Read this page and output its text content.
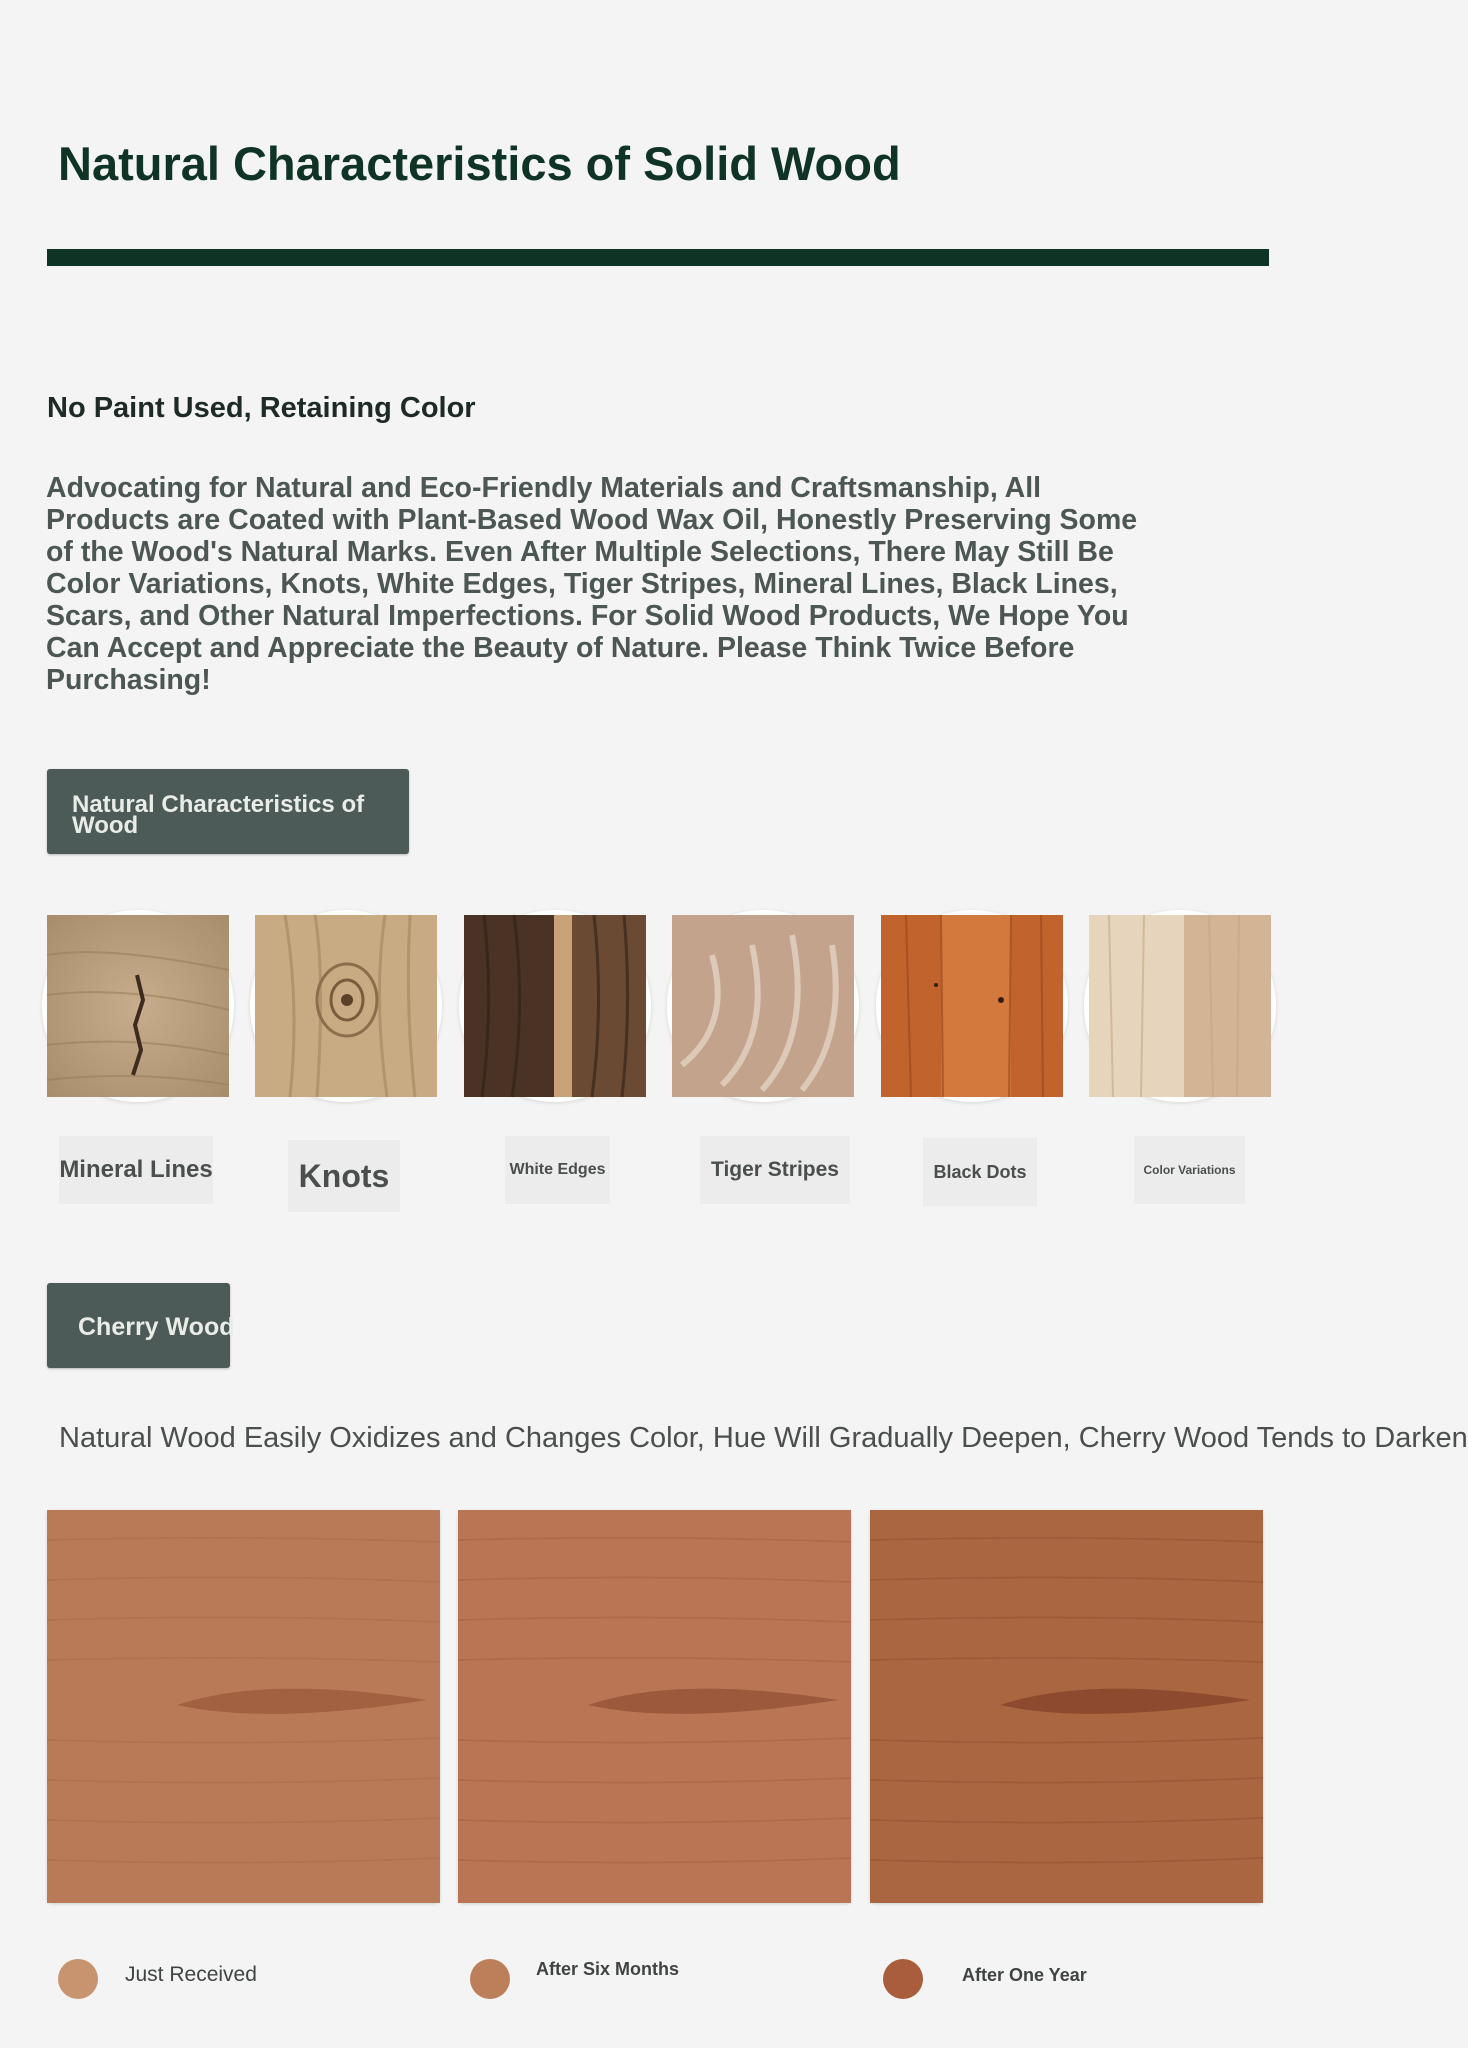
Natural Characteristics of Solid Wood
No Paint Used, Retaining Color
Advocating for Natural and Eco-Friendly Materials and Craftsmanship, All Products are Coated with Plant-Based Wood Wax Oil, Honestly Preserving Some of the Wood's Natural Marks. Even After Multiple Selections, There May Still Be Color Variations, Knots, White Edges, Tiger Stripes, Mineral Lines, Black Lines, Scars, and Other Natural Imperfections. For Solid Wood Products, We Hope You Can Accept and Appreciate the Beauty of Nature. Please Think Twice Before Purchasing!
Natural Characteristics of Wood
Mineral Lines	Knots	White Edges	Tiger Stripes	Black Dots	Color Variations
Cherry Wood
Natural Wood Easily Oxidizes and Changes Color, Hue Will Gradually Deepen, Cherry Wood Tends to Darken
Just Received	After Six Months	After One Year
